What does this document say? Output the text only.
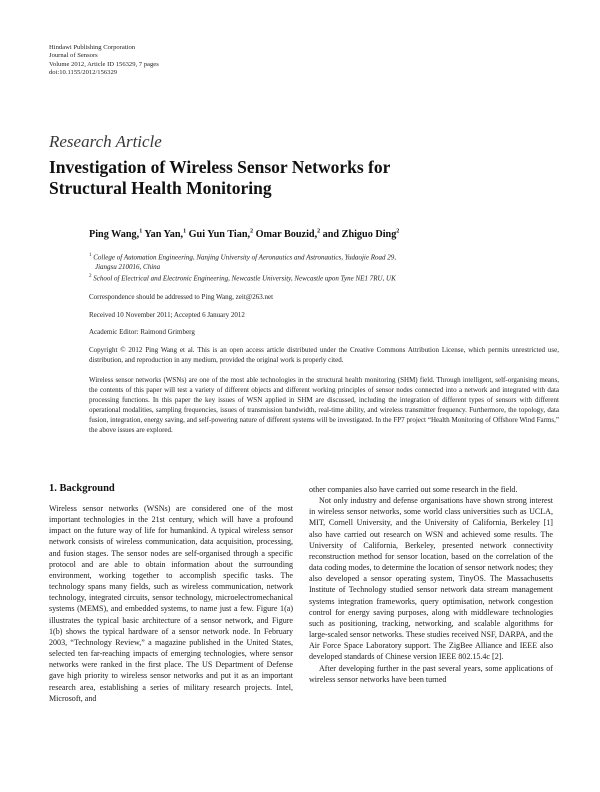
Hindawi Publishing Corporation
Journal of Sensors
Volume 2012, Article ID 156329, 7 pages
doi:10.1155/2012/156329
Research Article
Investigation of Wireless Sensor Networks for Structural Health Monitoring
Ping Wang,$^1$ Yan Yan,$^1$ Gui Yun Tian,$^2$ Omar Bouzid,$^2$ and Zhiguo Ding$^2$
$^1$ College of Automation Engineering, Nanjing University of Aeronautics and Astronautics, Yudaojie Road 29,
Jiangsu 210016, China
$^2$ School of Electrical and Electronic Engineering, Newcastle University, Newcastle upon Tyne NE1 7RU, UK
Correspondence should be addressed to Ping Wang, zeit@263.net
Received 10 November 2011; Accepted 6 January 2012
Academic Editor: Raimond Grimberg
Copyright © 2012 Ping Wang et al. This is an open access article distributed under the Creative Commons Attribution License, which permits unrestricted use, distribution, and reproduction in any medium, provided the original work is properly cited.
Wireless sensor networks (WSNs) are one of the most able technologies in the structural health monitoring (SHM) field. Through intelligent, self-organising means, the contents of this paper will test a variety of different objects and different working principles of sensor nodes connected into a network and integrated with data processing functions. In this paper the key issues of WSN applied in SHM are discussed, including the integration of different types of sensors with different operational modalities, sampling frequencies, issues of transmission bandwidth, real-time ability, and wireless transmitter frequency. Furthermore, the topology, data fusion, integration, energy saving, and self-powering nature of different systems will be investigated. In the FP7 project “Health Monitoring of Offshore Wind Farms,” the above issues are explored.
1. Background

Wireless sensor networks (WSNs) are considered one of the most important technologies in the 21st century, which will have a profound impact on the future way of life for humankind. A typical wireless sensor network consists of wireless communication, data acquisition, processing, and fusion stages. The sensor nodes are self-organised through a specific protocol and are able to obtain information about the surrounding environment, working together to accomplish specific tasks. The technology spans many fields, such as wireless communication, network technology, integrated circuits, sensor technology, microelectromechanical systems (MEMS), and embedded systems, to name just a few. Figure 1(a) illustrates the typical basic architecture of a sensor network, and Figure 1(b) shows the typical hardware of a sensor network node. In February 2003, “Technology Review,” a magazine published in the United States, selected ten far-reaching impacts of emerging technologies, where sensor networks were ranked in the first place. The US Department of Defense gave high priority to wireless sensor networks and put it as an important research area, establishing a series of military research projects. Intel, Microsoft, and

other companies also have carried out some research in the field.

Not only industry and defense organisations have shown strong interest in wireless sensor networks, some world class universities such as UCLA, MIT, Cornell University, and the University of California, Berkeley [1] also have carried out research on WSN and achieved some results. The University of California, Berkeley, presented network connectivity reconstruction method for sensor location, based on the correlation of the data coding modes, to determine the location of sensor network nodes; they also developed a sensor operating system, TinyOS. The Massachusetts Institute of Technology studied sensor network data stream management systems integration frameworks, query optimisation, network congestion control for energy saving purposes, along with middleware technologies such as positioning, tracking, networking, and scalable algorithms for large-scaled sensor networks. These studies received NSF, DARPA, and the Air Force Space Laboratory support. The ZigBee Alliance and IEEE also developed standards of Chinese version IEEE 802.15.4c [2].

After developing further in the past several years, some applications of wireless sensor networks have been turned
